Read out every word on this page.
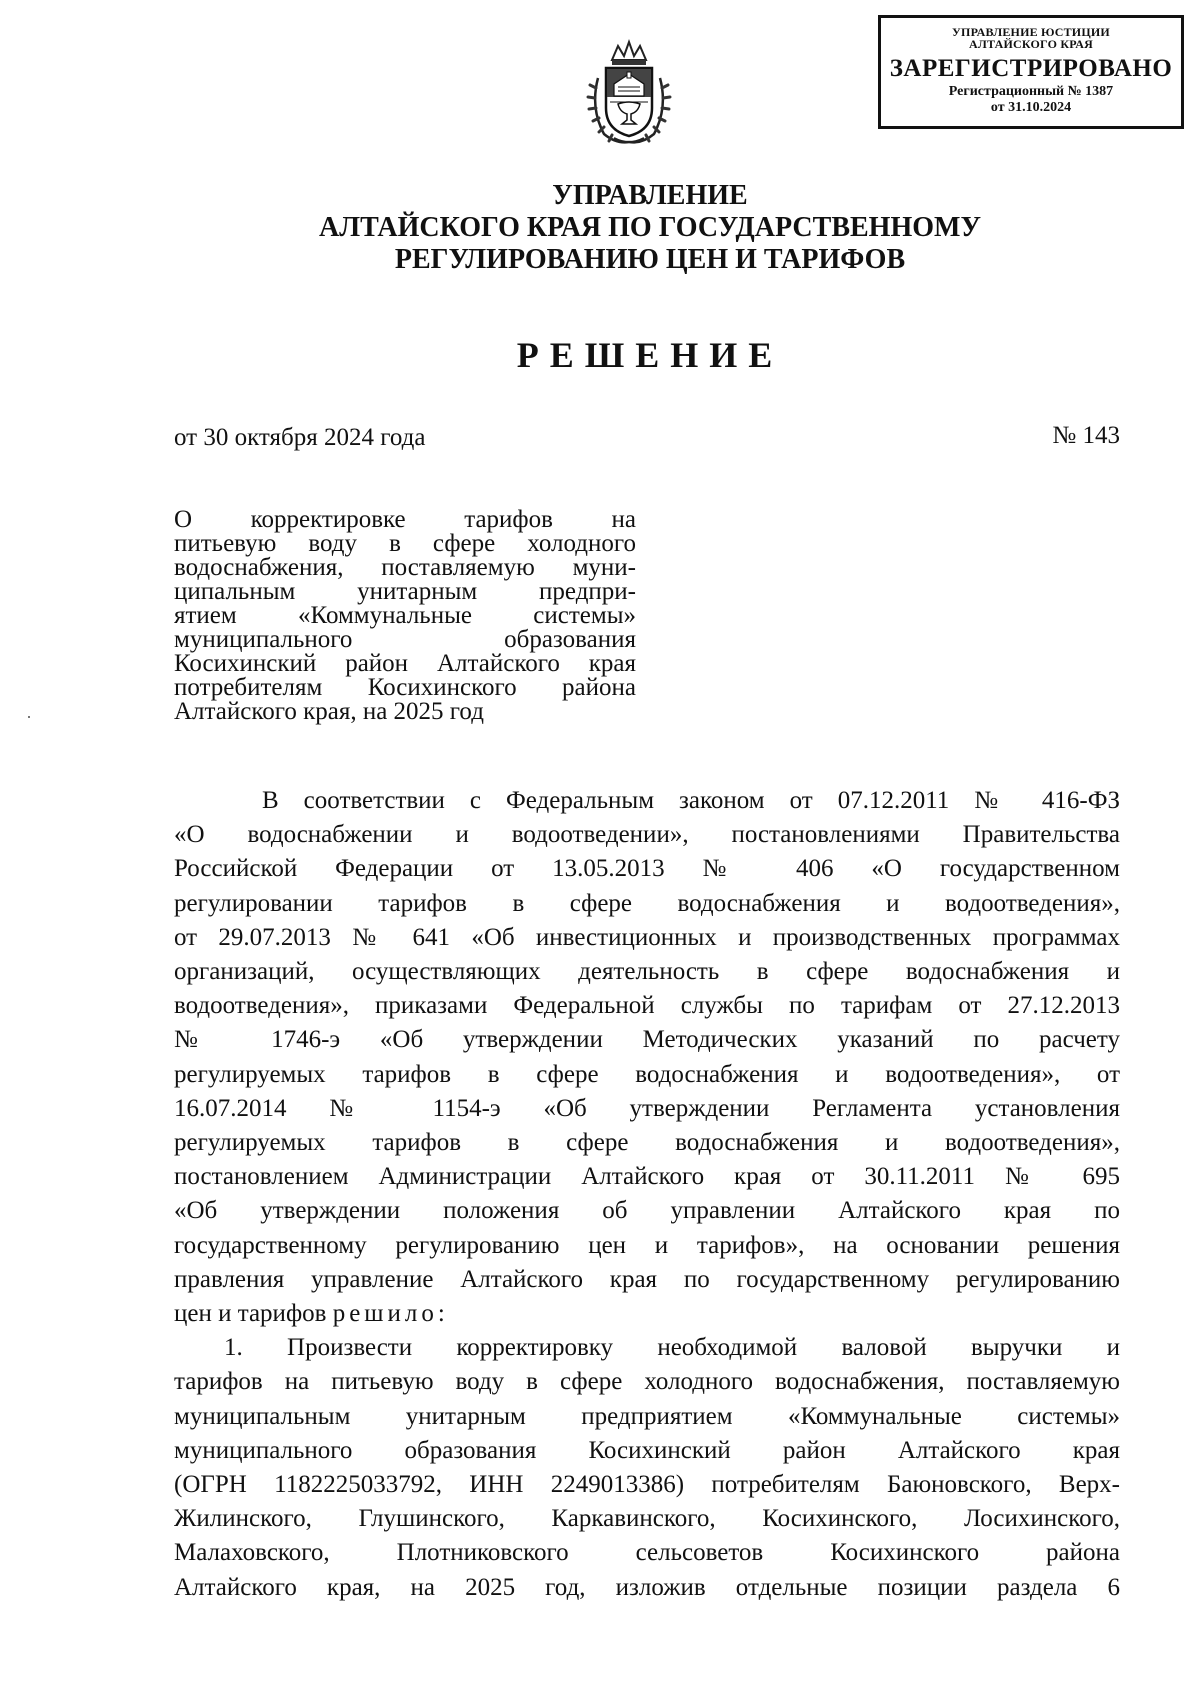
УПРАВЛЕНИЕ ЮСТИЦИИ
АЛТАЙСКОГО КРАЯ
ЗАРЕГИСТРИРОВАНО
Регистрационный № 1387
от 31.10.2024
УПРАВЛЕНИЕ
АЛТАЙСКОГО КРАЯ ПО ГОСУДАРСТВЕННОМУ
РЕГУЛИРОВАНИЮ ЦЕН И ТАРИФОВ
РЕШЕНИЕ
от 30 октября 2024 года	№ 143
О корректировке тарифов на
питьевую воду в сфере холодного
водоснабжения, поставляемую муни-
ципальным унитарным предпри-
ятием «Коммунальные системы»
муниципального образования
Косихинский район Алтайского края
потребителям Косихинского района
Алтайского края, на 2025 год
В соответствии с Федеральным законом от 07.12.2011 № 416-ФЗ
«О водоснабжении и водоотведении», постановлениями Правительства
Российской Федерации от 13.05.2013 № 406 «О государственном
регулировании тарифов в сфере водоснабжения и водоотведения»,
от 29.07.2013 № 641 «Об инвестиционных и производственных программах
организаций, осуществляющих деятельность в сфере водоснабжения и
водоотведения», приказами Федеральной службы по тарифам от 27.12.2013
№ 1746-э «Об утверждении Методических указаний по расчету
регулируемых тарифов в сфере водоснабжения и водоотведения», от
16.07.2014 № 1154-э «Об утверждении Регламента установления
регулируемых тарифов в сфере водоснабжения и водоотведения»,
постановлением Администрации Алтайского края от 30.11.2011 № 695
«Об утверждении положения об управлении Алтайского края по
государственному регулированию цен и тарифов», на основании решения
правления управление Алтайского края по государственному регулированию
цен и тарифов решило:
1. Произвести корректировку необходимой валовой выручки и
тарифов на питьевую воду в сфере холодного водоснабжения, поставляемую
муниципальным унитарным предприятием «Коммунальные системы»
муниципального образования Косихинский район Алтайского края
(ОГРН 1182225033792, ИНН 2249013386) потребителям Баюновского, Верх-
Жилинского, Глушинского, Каркавинского, Косихинского, Лосихинского,
Малаховского, Плотниковского сельсоветов Косихинского района
Алтайского края, на 2025 год, изложив отдельные позиции раздела 6
